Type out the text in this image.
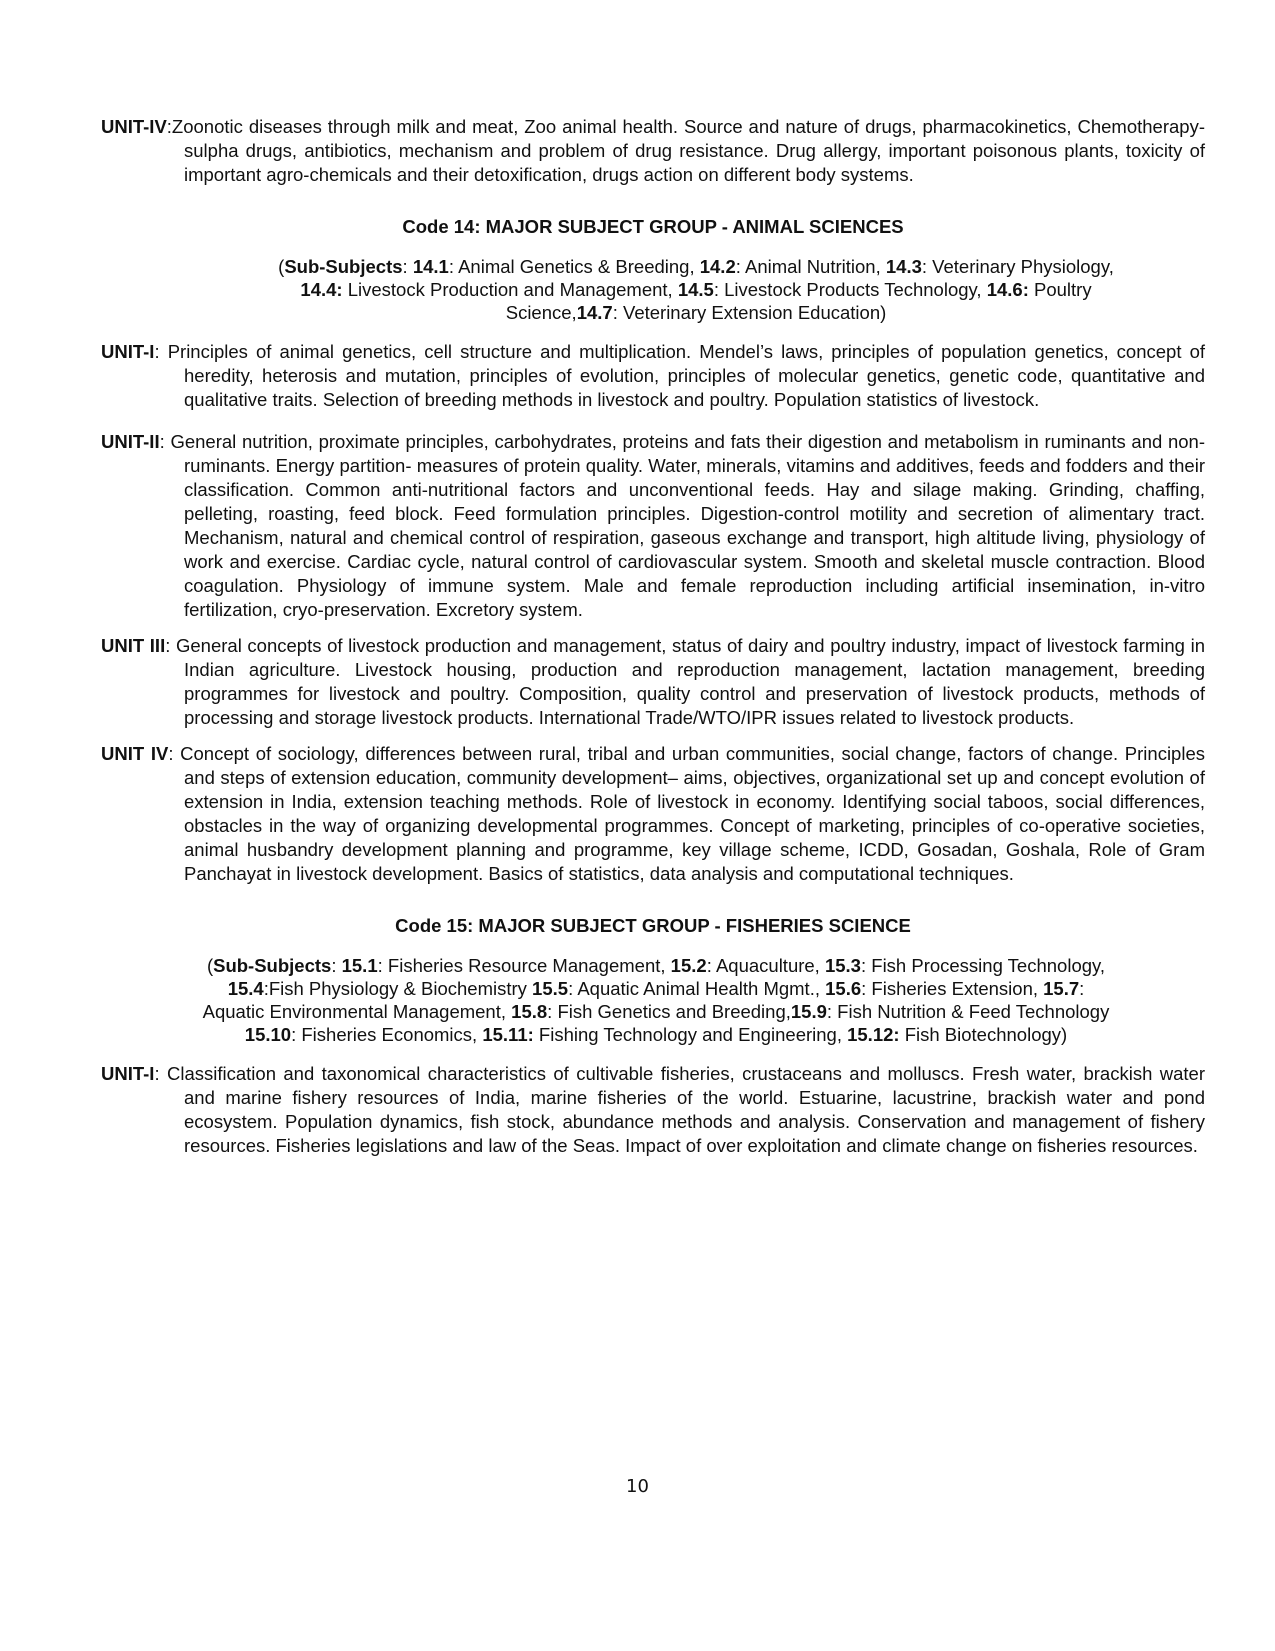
UNIT-IV:Zoonotic diseases through milk and meat, Zoo animal health. Source and nature of drugs, pharmacokinetics, Chemotherapy-sulpha drugs, antibiotics, mechanism and problem of drug resistance. Drug allergy, important poisonous plants, toxicity of important agro-chemicals and their detoxification, drugs action on different body systems.

Code 14: MAJOR SUBJECT GROUP - ANIMAL SCIENCES
(Sub-Subjects: 14.1: Animal Genetics & Breeding, 14.2: Animal Nutrition, 14.3: Veterinary Physiology,
14.4: Livestock Production and Management, 14.5: Livestock Products Technology, 14.6: Poultry
Science,14.7: Veterinary Extension Education)

UNIT-I: Principles of animal genetics, cell structure and multiplication. Mendel’s laws, principles of population genetics, concept of heredity, heterosis and mutation, principles of evolution, principles of molecular genetics, genetic code, quantitative and qualitative traits. Selection of breeding methods in livestock and poultry. Population statistics of livestock.

UNIT-II: General nutrition, proximate principles, carbohydrates, proteins and fats their digestion and metabolism in ruminants and non-ruminants. Energy partition- measures of protein quality. Water, minerals, vitamins and additives, feeds and fodders and their classification. Common anti-nutritional factors and unconventional feeds. Hay and silage making. Grinding, chaffing, pelleting, roasting, feed block. Feed formulation principles. Digestion-control motility and secretion of alimentary tract. Mechanism, natural and chemical control of respiration, gaseous exchange and transport, high altitude living, physiology of work and exercise. Cardiac cycle, natural control of cardiovascular system. Smooth and skeletal muscle contraction. Blood coagulation. Physiology of immune system. Male and female reproduction including artificial insemination, in-vitro fertilization, cryo-preservation. Excretory system.

UNIT III: General concepts of livestock production and management, status of dairy and poultry industry, impact of livestock farming in Indian agriculture. Livestock housing, production and reproduction management, lactation management, breeding programmes for livestock and poultry. Composition, quality control and preservation of livestock products, methods of processing and storage livestock products. International Trade/WTO/IPR issues related to livestock products.

UNIT IV: Concept of sociology, differences between rural, tribal and urban communities, social change, factors of change. Principles and steps of extension education, community development– aims, objectives, organizational set up and concept evolution of extension in India, extension teaching methods. Role of livestock in economy. Identifying social taboos, social differences, obstacles in the way of organizing developmental programmes. Concept of marketing, principles of co-operative societies, animal husbandry development planning and programme, key village scheme, ICDD, Gosadan, Goshala, Role of Gram Panchayat in livestock development. Basics of statistics, data analysis and computational techniques.

Code 15: MAJOR SUBJECT GROUP - FISHERIES SCIENCE
(Sub-Subjects: 15.1: Fisheries Resource Management, 15.2: Aquaculture, 15.3: Fish Processing Technology,
15.4:Fish Physiology & Biochemistry 15.5: Aquatic Animal Health Mgmt., 15.6: Fisheries Extension, 15.7:
Aquatic Environmental Management, 15.8: Fish Genetics and Breeding,15.9: Fish Nutrition & Feed Technology
15.10: Fisheries Economics, 15.11: Fishing Technology and Engineering, 15.12: Fish Biotechnology)

UNIT-I: Classification and taxonomical characteristics of cultivable fisheries, crustaceans and molluscs. Fresh water, brackish water and marine fishery resources of India, marine fisheries of the world. Estuarine, lacustrine, brackish water and pond ecosystem. Population dynamics, fish stock, abundance methods and analysis. Conservation and management of fishery resources. Fisheries legislations and law of the Seas. Impact of over exploitation and climate change on fisheries resources.

10
